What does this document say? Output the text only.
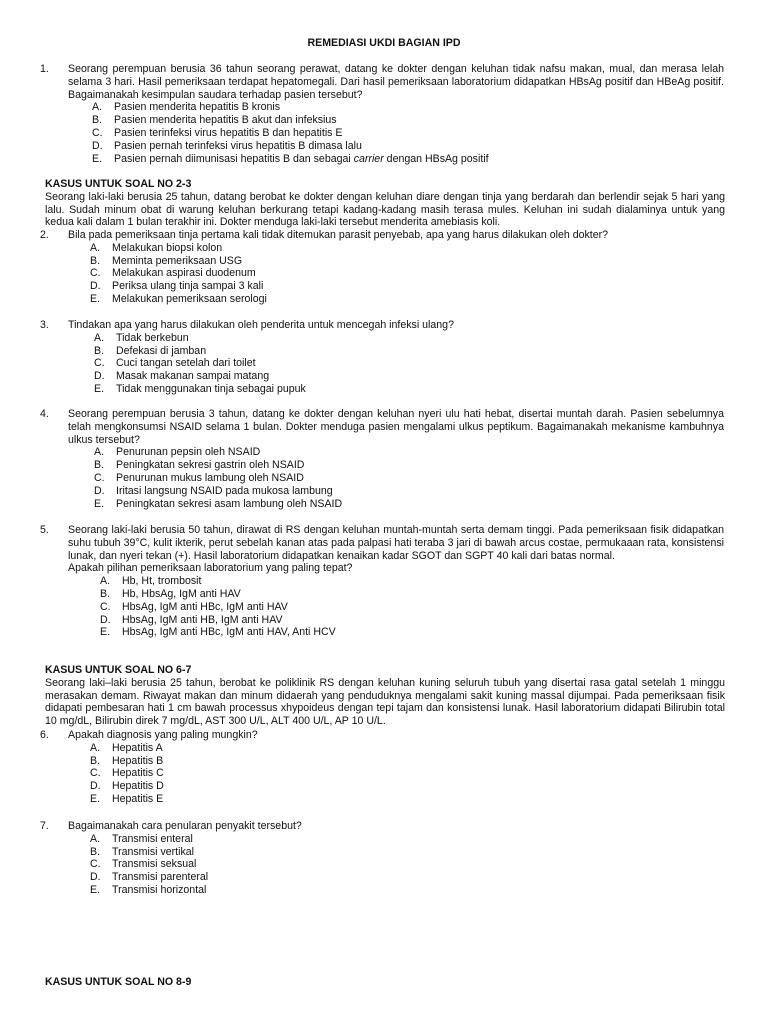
REMEDIASI UKDI BAGIAN IPD
1.	Seorang perempuan berusia 36 tahun seorang perawat, datang ke dokter dengan keluhan tidak nafsu makan, mual, dan merasa lelah selama 3 hari. Hasil pemeriksaan terdapat hepatomegali. Dari hasil pemeriksaan laboratorium didapatkan HBsAg positif dan HBeAg positif. Bagaimanakah kesimpulan saudara terhadap pasien tersebut?
A.	Pasien menderita hepatitis B kronis
B.	Pasien menderita hepatitis B akut dan infeksius
C.	Pasien terinfeksi virus hepatitis B dan hepatitis E
D.	Pasien pernah terinfeksi virus hepatitis B dimasa lalu
E.	Pasien pernah diimunisasi hepatitis B dan sebagai carrier dengan HBsAg positif
KASUS UNTUK SOAL NO 2-3
Seorang laki-laki berusia 25 tahun, datang berobat ke dokter dengan keluhan diare dengan tinja yang berdarah dan berlendir sejak 5 hari yang lalu. Sudah minum obat di warung keluhan berkurang tetapi kadang-kadang masih terasa mules. Keluhan ini sudah dialaminya untuk yang kedua kali dalam 1 bulan terakhir ini. Dokter menduga laki-laki tersebut menderita amebiasis koli.
2.	Bila pada pemeriksaan tinja pertama kali tidak ditemukan parasit penyebab, apa yang harus dilakukan oleh dokter?
A.	Melakukan biopsi kolon
B.	Meminta pemeriksaan USG
C.	Melakukan aspirasi duodenum
D.	Periksa ulang tinja sampai 3 kali
E.	Melakukan pemeriksaan serologi
3.	Tindakan apa yang harus dilakukan oleh penderita untuk mencegah infeksi ulang?
A.	Tidak berkebun
B.	Defekasi di jamban
C.	Cuci tangan setelah dari toilet
D.	Masak makanan sampai matang
E.	Tidak menggunakan tinja sebagai pupuk
4.	Seorang perempuan berusia 3 tahun, datang ke dokter dengan keluhan nyeri ulu hati hebat, disertai muntah darah. Pasien sebelumnya telah mengkonsumsi NSAID selama 1 bulan. Dokter menduga pasien mengalami ulkus peptikum. Bagaimanakah mekanisme kambuhnya ulkus tersebut?
A.	Penurunan pepsin oleh NSAID
B.	Peningkatan sekresi gastrin oleh NSAID
C.	Penurunan mukus lambung oleh NSAID
D.	Iritasi langsung NSAID pada mukosa lambung
E.	Peningkatan sekresi asam lambung oleh NSAID
5.	Seorang laki-laki berusia 50 tahun, dirawat di RS dengan keluhan muntah-muntah serta demam tinggi. Pada pemeriksaan fisik didapatkan suhu tubuh 39°C, kulit ikterik, perut sebelah kanan atas pada palpasi hati teraba 3 jari di bawah arcus costae, permukaaan rata, konsistensi lunak, dan nyeri tekan (+). Hasil laboratorium didapatkan kenaikan kadar SGOT dan SGPT 40 kali dari batas normal.
Apakah pilihan pemeriksaan laboratorium yang paling tepat?
A.	Hb, Ht, trombosit
B.	Hb, HbsAg, IgM anti HAV
C.	HbsAg, IgM anti HBc, IgM anti HAV
D.	HbsAg, IgM anti HB, IgM anti HAV
E.	HbsAg, IgM anti HBc, IgM anti HAV, Anti HCV
KASUS UNTUK SOAL NO 6-7
Seorang laki–laki berusia 25 tahun, berobat ke poliklinik RS dengan keluhan kuning seluruh tubuh yang disertai rasa gatal setelah 1 minggu merasakan demam. Riwayat makan dan minum didaerah yang penduduknya mengalami sakit kuning massal dijumpai. Pada pemeriksaan fisik didapati pembesaran hati 1 cm bawah processus xhypoideus dengan tepi tajam dan konsistensi lunak. Hasil laboratorium didapati Bilirubin total 10 mg/dL, Bilirubin direk 7 mg/dL, AST 300 U/L, ALT 400 U/L, AP 10 U/L.
6.	Apakah diagnosis yang paling mungkin?
A.	Hepatitis A
B.	Hepatitis B
C.	Hepatitis C
D.	Hepatitis D
E.	Hepatitis E
7.	Bagaimanakah cara penularan penyakit tersebut?
A.	Transmisi enteral
B.	Transmisi vertikal
C.	Transmisi seksual
D.	Transmisi parenteral
E.	Transmisi horizontal
KASUS UNTUK SOAL NO 8-9
